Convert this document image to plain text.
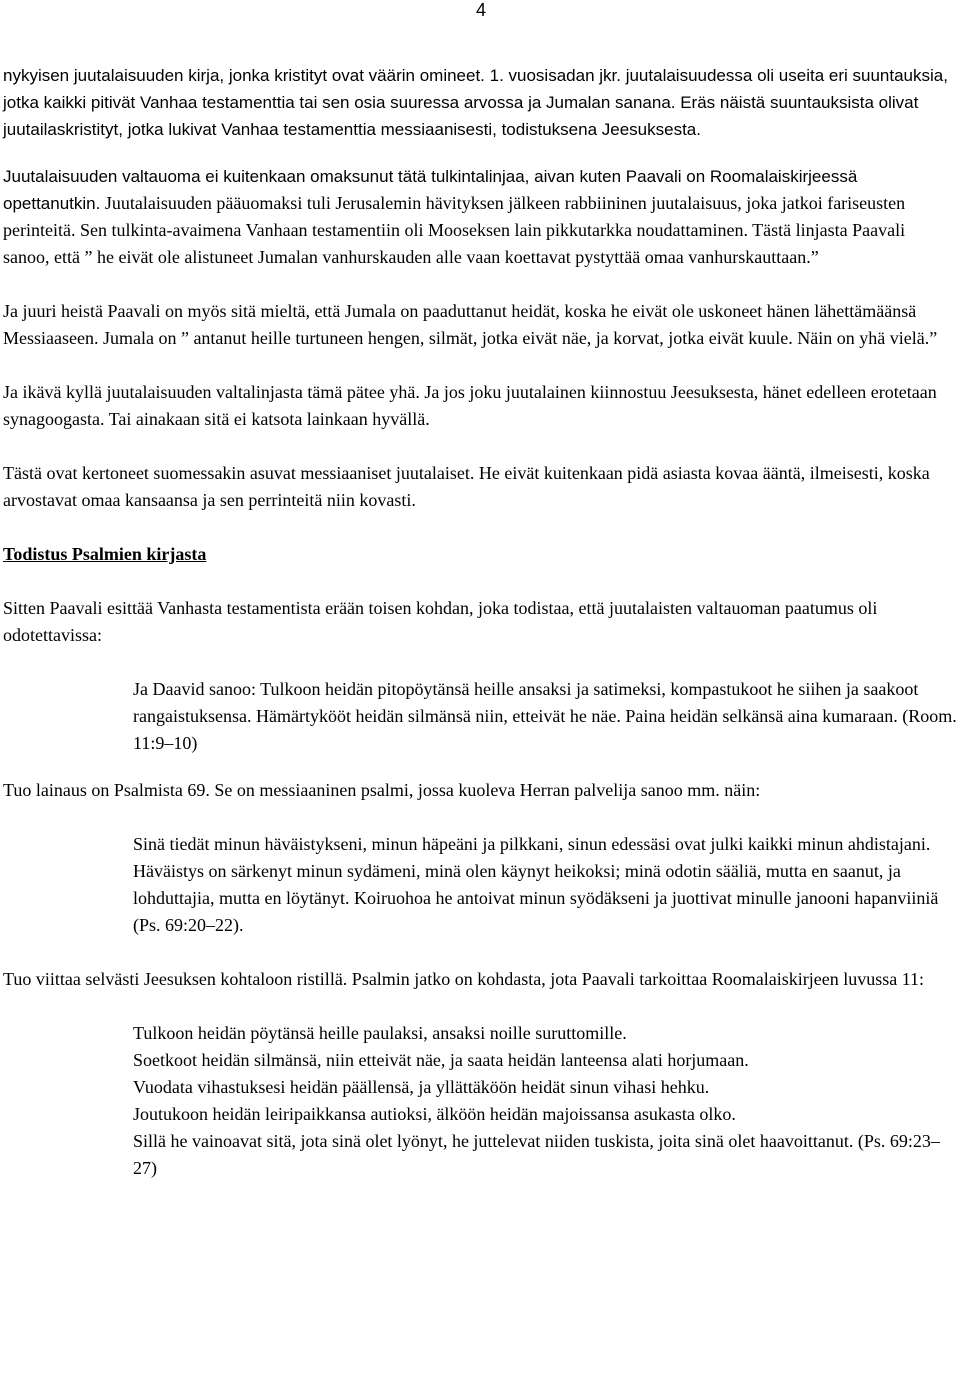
4

nykyisen juutalaisuuden kirja, jonka kristityt ovat väärin omineet. 1. vuosisadan jkr. juutalaisuudessa oli useita eri suuntauksia, jotka kaikki pitivät Vanhaa testamenttia tai sen osia suuressa arvossa ja Jumalan sanana. Eräs näistä suuntauksista olivat juutailaskristityt, jotka lukivat Vanhaa testamenttia messiaanisesti, todistuksena Jeesuksesta.

Juutalaisuuden valtauoma ei kuitenkaan omaksunut tätä tulkintalinjaa, aivan kuten Paavali on Roomalaiskirjeessä opettanutkin. Juutalaisuuden pääuomaksi tuli Jerusalemin hävityksen jälkeen rabbiininen juutalaisuus, joka jatkoi fariseusten perinteitä. Sen tulkinta-avaimena Vanhaan testamentiin oli Mooseksen lain pikkutarkka noudattaminen. Tästä linjasta Paavali sanoo, että ” he eivät ole alistuneet Jumalan vanhurskauden alle vaan koettavat pystyttää omaa vanhurskauttaan.”

Ja juuri heistä Paavali on myös sitä mieltä, että Jumala on paaduttanut heidät, koska he eivät ole uskoneet hänen lähettämäänsä Messiaaseen. Jumala on ” antanut heille turtuneen hengen, silmät, jotka eivät näe, ja korvat, jotka eivät kuule. Näin on yhä vielä.”

Ja ikävä kyllä juutalaisuuden valtalinjasta tämä pätee yhä. Ja jos joku juutalainen kiinnostuu Jeesuksesta, hänet edelleen erotetaan synagoogasta. Tai ainakaan sitä ei katsota lainkaan hyvällä.

Tästä ovat kertoneet suomessakin asuvat messiaaniset juutalaiset. He eivät kuitenkaan pidä asiasta kovaa ääntä, ilmeisesti, koska arvostavat omaa kansaansa ja sen perrinteitä niin kovasti.

Todistus Psalmien kirjasta

Sitten Paavali esittää Vanhasta testamentista erään toisen kohdan, joka todistaa, että juutalaisten valtauoman paatumus oli odotettavissa:

Ja Daavid sanoo: Tulkoon heidän pitopöytänsä heille ansaksi ja satimeksi, kompastukoot he siihen ja saakoot rangaistuksensa. Hämärtykööt heidän silmänsä niin, etteivät he näe. Paina heidän selkänsä aina kumaraan. (Room. 11:9–10)

Tuo lainaus on Psalmista 69. Se on messiaaninen psalmi, jossa kuoleva Herran palvelija sanoo mm. näin:

Sinä tiedät minun häväistykseni, minun häpeäni ja pilkkani, sinun edessäsi ovat julki kaikki minun ahdistajani. Häväistys on särkenyt minun sydämeni, minä olen käynyt heikoksi; minä odotin sääliä, mutta en saanut, ja lohduttajia, mutta en löytänyt. Koiruohoa he antoivat minun syödäkseni ja juottivat minulle janooni hapanviiniä (Ps. 69:20–22).

Tuo viittaa selvästi Jeesuksen kohtaloon ristillä. Psalmin jatko on kohdasta, jota Paavali tarkoittaa Roomalaiskirjeen luvussa 11:

Tulkoon heidän pöytänsä heille paulaksi, ansaksi noille suruttomille.
Soetkoot heidän silmänsä, niin etteivät näe, ja saata heidän lanteensa alati horjumaan.
Vuodata vihastuksesi heidän päällensä, ja yllättäköön heidät sinun vihasi hehku.
Joutukoon heidän leiripaikkansa autioksi, älköön heidän majoissansa asukasta olko.
Sillä he vainoavat sitä, jota sinä olet lyönyt, he juttelevat niiden tuskista, joita sinä olet haavoittanut. (Ps. 69:23–27)
